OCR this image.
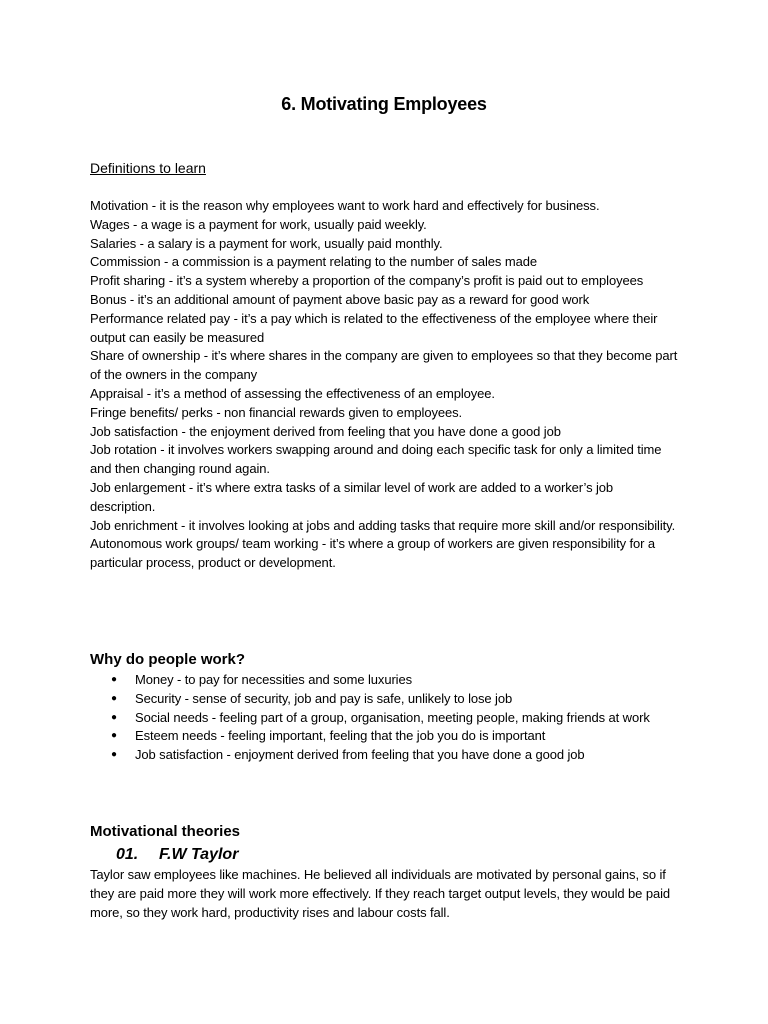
6. Motivating Employees
Definitions to learn

Motivation - it is the reason why employees want to work hard and effectively for business.

Wages - a wage is a payment for work, usually paid weekly.

Salaries - a salary is a payment for work, usually paid monthly.

Commission - a commission is a payment relating to the number of sales made

Profit sharing - it’s a system whereby a proportion of the company’s profit is paid out to employees

Bonus - it’s an additional amount of payment above basic pay as a reward for good work

Performance related pay - it’s a pay which is related to the effectiveness of the employee where their output can easily be measured

Share of ownership - it’s where shares in the company are given to employees so that they become part of the owners in the company

Appraisal - it’s a method of assessing the effectiveness of an employee.

Fringe benefits/ perks - non financial rewards given to employees.

Job satisfaction - the enjoyment derived from feeling that you have done a good job

Job rotation - it involves workers swapping around and doing each specific task for only a limited time and then changing round again.

Job enlargement - it’s where extra tasks of a similar level of work are added to a worker’s job description.

Job enrichment - it involves looking at jobs and adding tasks that require more skill and/or responsibility.

Autonomous work groups/ team working - it’s where a group of workers are given responsibility for a particular process, product or development.

Why do people work?
● Money - to pay for necessities and some luxuries
● Security - sense of security, job and pay is safe, unlikely to lose job
● Social needs - feeling part of a group, organisation, meeting people, making friends at work
● Esteem needs - feeling important, feeling that the job you do is important
● Job satisfaction - enjoyment derived from feeling that you have done a good job
Motivational theories
01. F.W Taylor
Taylor saw employees like machines. He believed all individuals are motivated by personal gains, so if they are paid more they will work more effectively. If they reach target output levels, they would be paid more, so they work hard, productivity rises and labour costs fall.
